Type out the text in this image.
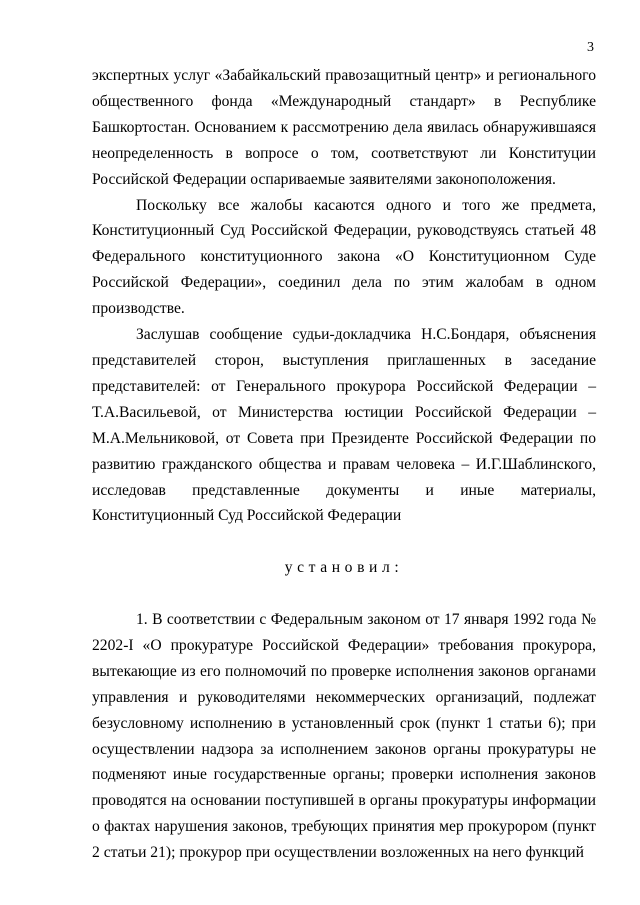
3

экспертных услуг «Забайкальский правозащитный центр» и регионального общественного фонда «Международный стандарт» в Республике Башкортостан. Основанием к рассмотрению дела явилась обнаружившаяся неопределенность в вопросе о том, соответствуют ли Конституции Российской Федерации оспариваемые заявителями законоположения.

Поскольку все жалобы касаются одного и того же предмета, Конституционный Суд Российской Федерации, руководствуясь статьей 48 Федерального конституционного закона «О Конституционном Суде Российской Федерации», соединил дела по этим жалобам в одном производстве.

Заслушав сообщение судьи-докладчика Н.С.Бондаря, объяснения представителей сторон, выступления приглашенных в заседание представителей: от Генерального прокурора Российской Федерации – Т.А.Васильевой, от Министерства юстиции Российской Федерации – М.А.Мельниковой, от Совета при Президенте Российской Федерации по развитию гражданского общества и правам человека – И.Г.Шаблинского, исследовав представленные документы и иные материалы, Конституционный Суд Российской Федерации

установил:

1. В соответствии с Федеральным законом от 17 января 1992 года № 2202-I «О прокуратуре Российской Федерации» требования прокурора, вытекающие из его полномочий по проверке исполнения законов органами управления и руководителями некоммерческих организаций, подлежат безусловному исполнению в установленный срок (пункт 1 статьи 6); при осуществлении надзора за исполнением законов органы прокуратуры не подменяют иные государственные органы; проверки исполнения законов проводятся на основании поступившей в органы прокуратуры информации о фактах нарушения законов, требующих принятия мер прокурором (пункт 2 статьи 21); прокурор при осуществлении возложенных на него функций
